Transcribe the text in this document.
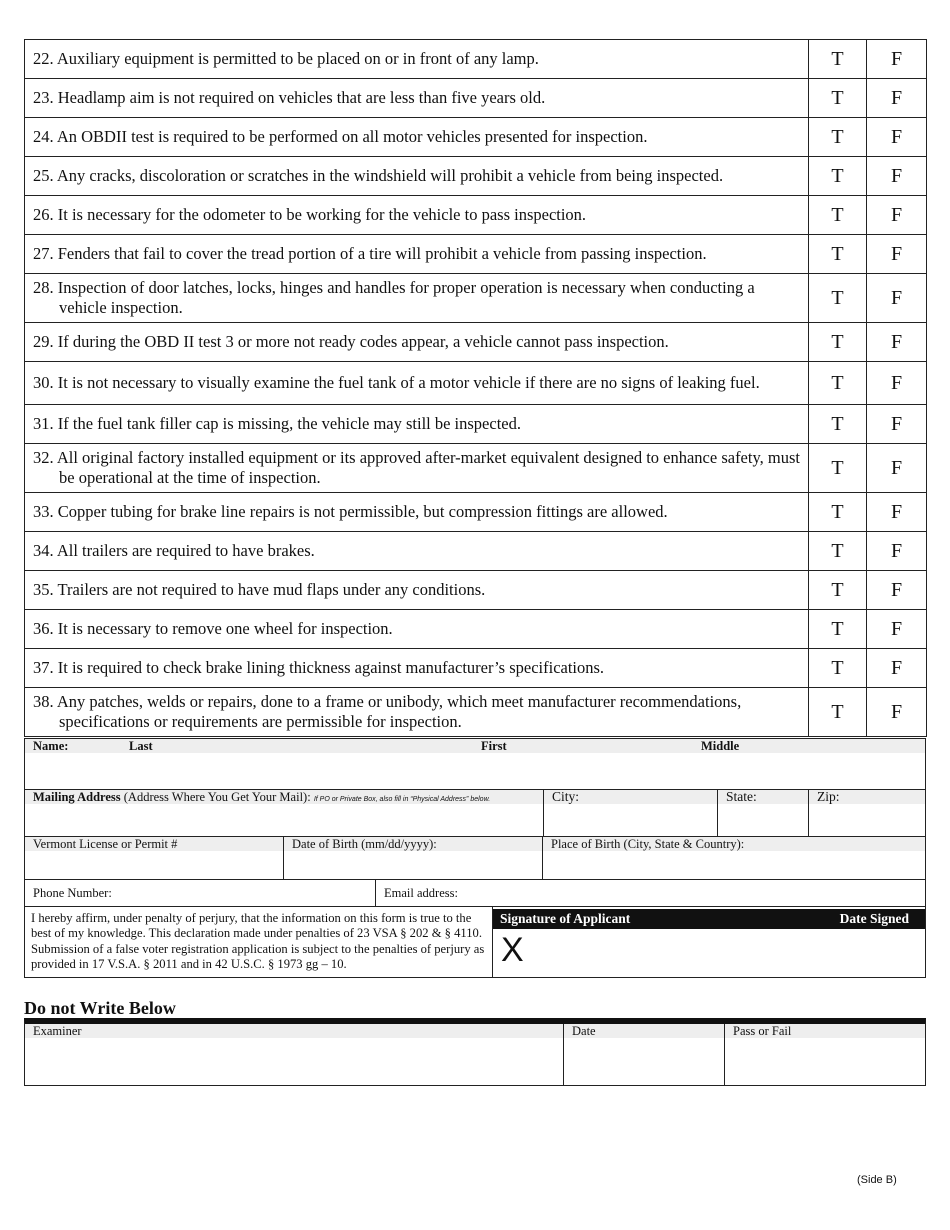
22. Auxiliary equipment is permitted to be placed on or in front of any lamp.	T	F
23. Headlamp aim is not required on vehicles that are less than five years old.	T	F
24. An OBDII test is required to be performed on all motor vehicles presented for inspection.	T	F
25. Any cracks, discoloration or scratches in the windshield will prohibit a vehicle from being inspected.	T	F
26. It is necessary for the odometer to be working for the vehicle to pass inspection.	T	F
27. Fenders that fail to cover the tread portion of a tire will prohibit a vehicle from passing inspection.	T	F
28. Inspection of door latches, locks, hinges and handles for proper operation is necessary when conducting a vehicle inspection.	T	F
29. If during the OBD II test 3 or more not ready codes appear, a vehicle cannot pass inspection.	T	F
30. It is not necessary to visually examine the fuel tank of a motor vehicle if there are no signs of leaking fuel.	T	F
31. If the fuel tank filler cap is missing, the vehicle may still be inspected.	T	F
32. All original factory installed equipment or its approved after-market equivalent designed to enhance safety, must be operational at the time of inspection.	T	F
33. Copper tubing for brake line repairs is not permissible, but compression fittings are allowed.	T	F
34. All trailers are required to have brakes.	T	F
35. Trailers are not required to have mud flaps under any conditions.	T	F
36. It is necessary to remove one wheel for inspection.	T	F
37. It is required to check brake lining thickness against manufacturer’s specifications.	T	F
38. Any patches, welds or repairs, done to a frame or unibody, which meet manufacturer recommendations, specifications or requirements are permissible for inspection.	T	F
Name:	Last	First	Middle
Mailing Address (Address Where You Get Your Mail): If PO or Private Box, also fill in “Physical Address” below.	City:	State:	Zip:
Vermont License or Permit #	Date of Birth (mm/dd/yyyy):	Place of Birth (City, State & Country):
Phone Number:	Email address:
I hereby affirm, under penalty of perjury, that the information on this form is true to the best of my knowledge. This declaration made under penalties of 23 VSA § 202 & § 4110. Submission of a false voter registration application is subject to the penalties of perjury as provided in 17 V.S.A. § 2011 and in 42 U.S.C. § 1973 gg – 10.
Signature of Applicant	Date Signed
X
Do not Write Below
Examiner	Date	Pass or Fail
(Side B)
